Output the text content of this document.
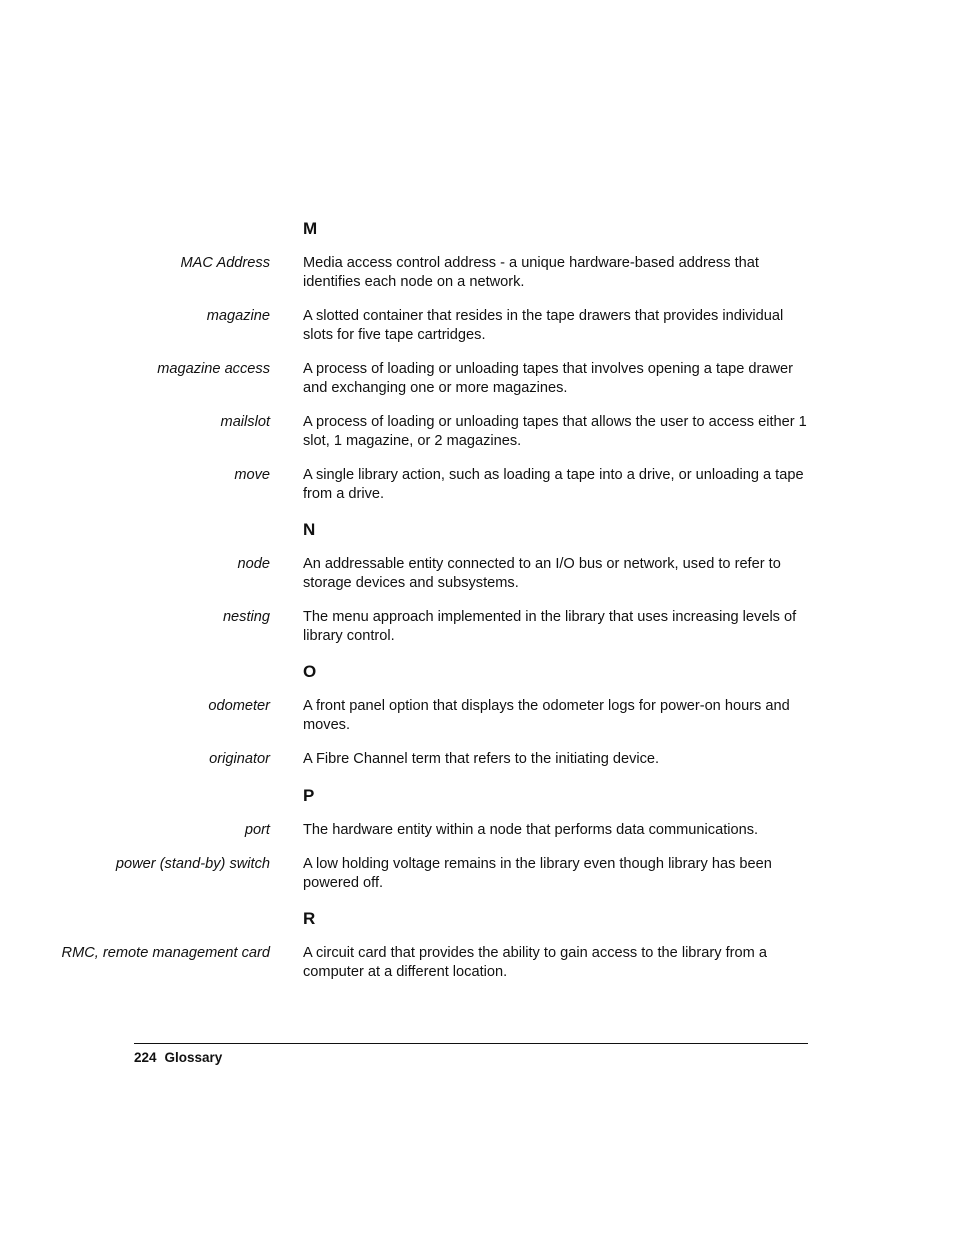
M
MAC Address Media access control address - a unique hardware-based address that identifies each node on a network.
magazine A slotted container that resides in the tape drawers that provides individual slots for five tape cartridges.
magazine access A process of loading or unloading tapes that involves opening a tape drawer and exchanging one or more magazines.
mailslot A process of loading or unloading tapes that allows the user to access either 1 slot, 1 magazine, or 2 magazines.
move A single library action, such as loading a tape into a drive, or unloading a tape from a drive.
N
node An addressable entity connected to an I/O bus or network, used to refer to storage devices and subsystems.
nesting The menu approach implemented in the library that uses increasing levels of library control.
O
odometer A front panel option that displays the odometer logs for power-on hours and moves.
originator A Fibre Channel term that refers to the initiating device.
P
port The hardware entity within a node that performs data communications.
power (stand-by) switch A low holding voltage remains in the library even though library has been powered off.
R
RMC, remote management card A circuit card that provides the ability to gain access to the library from a computer at a different location.
224 Glossary
